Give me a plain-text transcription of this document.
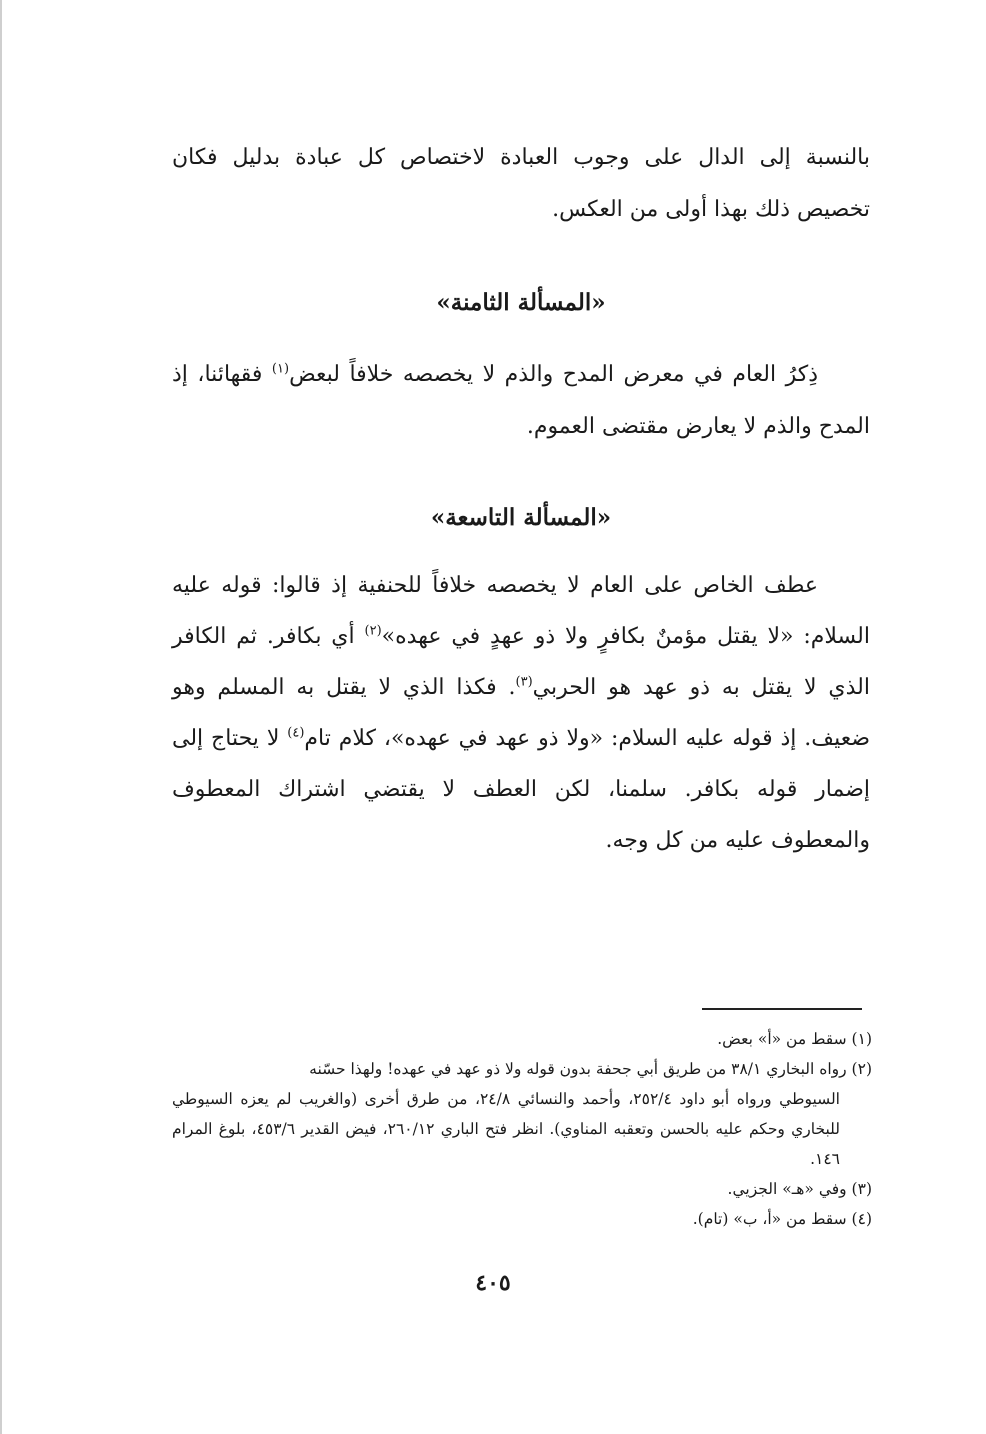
بالنسبة إلى الدال على وجوب العبادة لاختصاص كل عبادة بدليل فكان تخصيص ذلك بهذا أولى من العكس.

«المسألة الثامنة»

ذِكرُ العام في معرض المدح والذم لا يخصصه خلافاً لبعض$^{(١)}$ فقهائنا، إذ المدح والذم لا يعارض مقتضى العموم.

«المسألة التاسعة»

عطف الخاص على العام لا يخصصه خلافاً للحنفية إذ قالوا: قوله عليه السلام: «لا يقتل مؤمنٌ بكافرٍ ولا ذو عهدٍ في عهده»$^{(٢)}$ أي بكافر. ثم الكافر الذي لا يقتل به ذو عهد هو الحربي$^{(٣)}$. فكذا الذي لا يقتل به المسلم وهو ضعيف. إذ قوله عليه السلام: «ولا ذو عهد في عهده»، كلام تام$^{(٤)}$ لا يحتاج إلى إضمار قوله بكافر. سلمنا، لكن العطف لا يقتضي اشتراك المعطوف والمعطوف عليه من كل وجه.

(١) سقط من «أ» بعض.

(٢) رواه البخاري ٣٨/١ من طريق أبي جحفة بدون قوله ولا ذو عهد في عهده! ولهذا حسّنه

السيوطي ورواه أبو داود ٢٥٢/٤، وأحمد والنسائي ٢٤/٨، من طرق أخرى (والغريب لم يعزه السيوطي للبخاري وحكم عليه بالحسن وتعقبه المناوي). انظر فتح الباري ٢٦٠/١٢، فيض القدير ٤٥٣/٦، بلوغ المرام ١٤٦.

(٣) وفي «هـ» الجزيي.

(٤) سقط من «أ، ب» (تام).

٤٠٥
